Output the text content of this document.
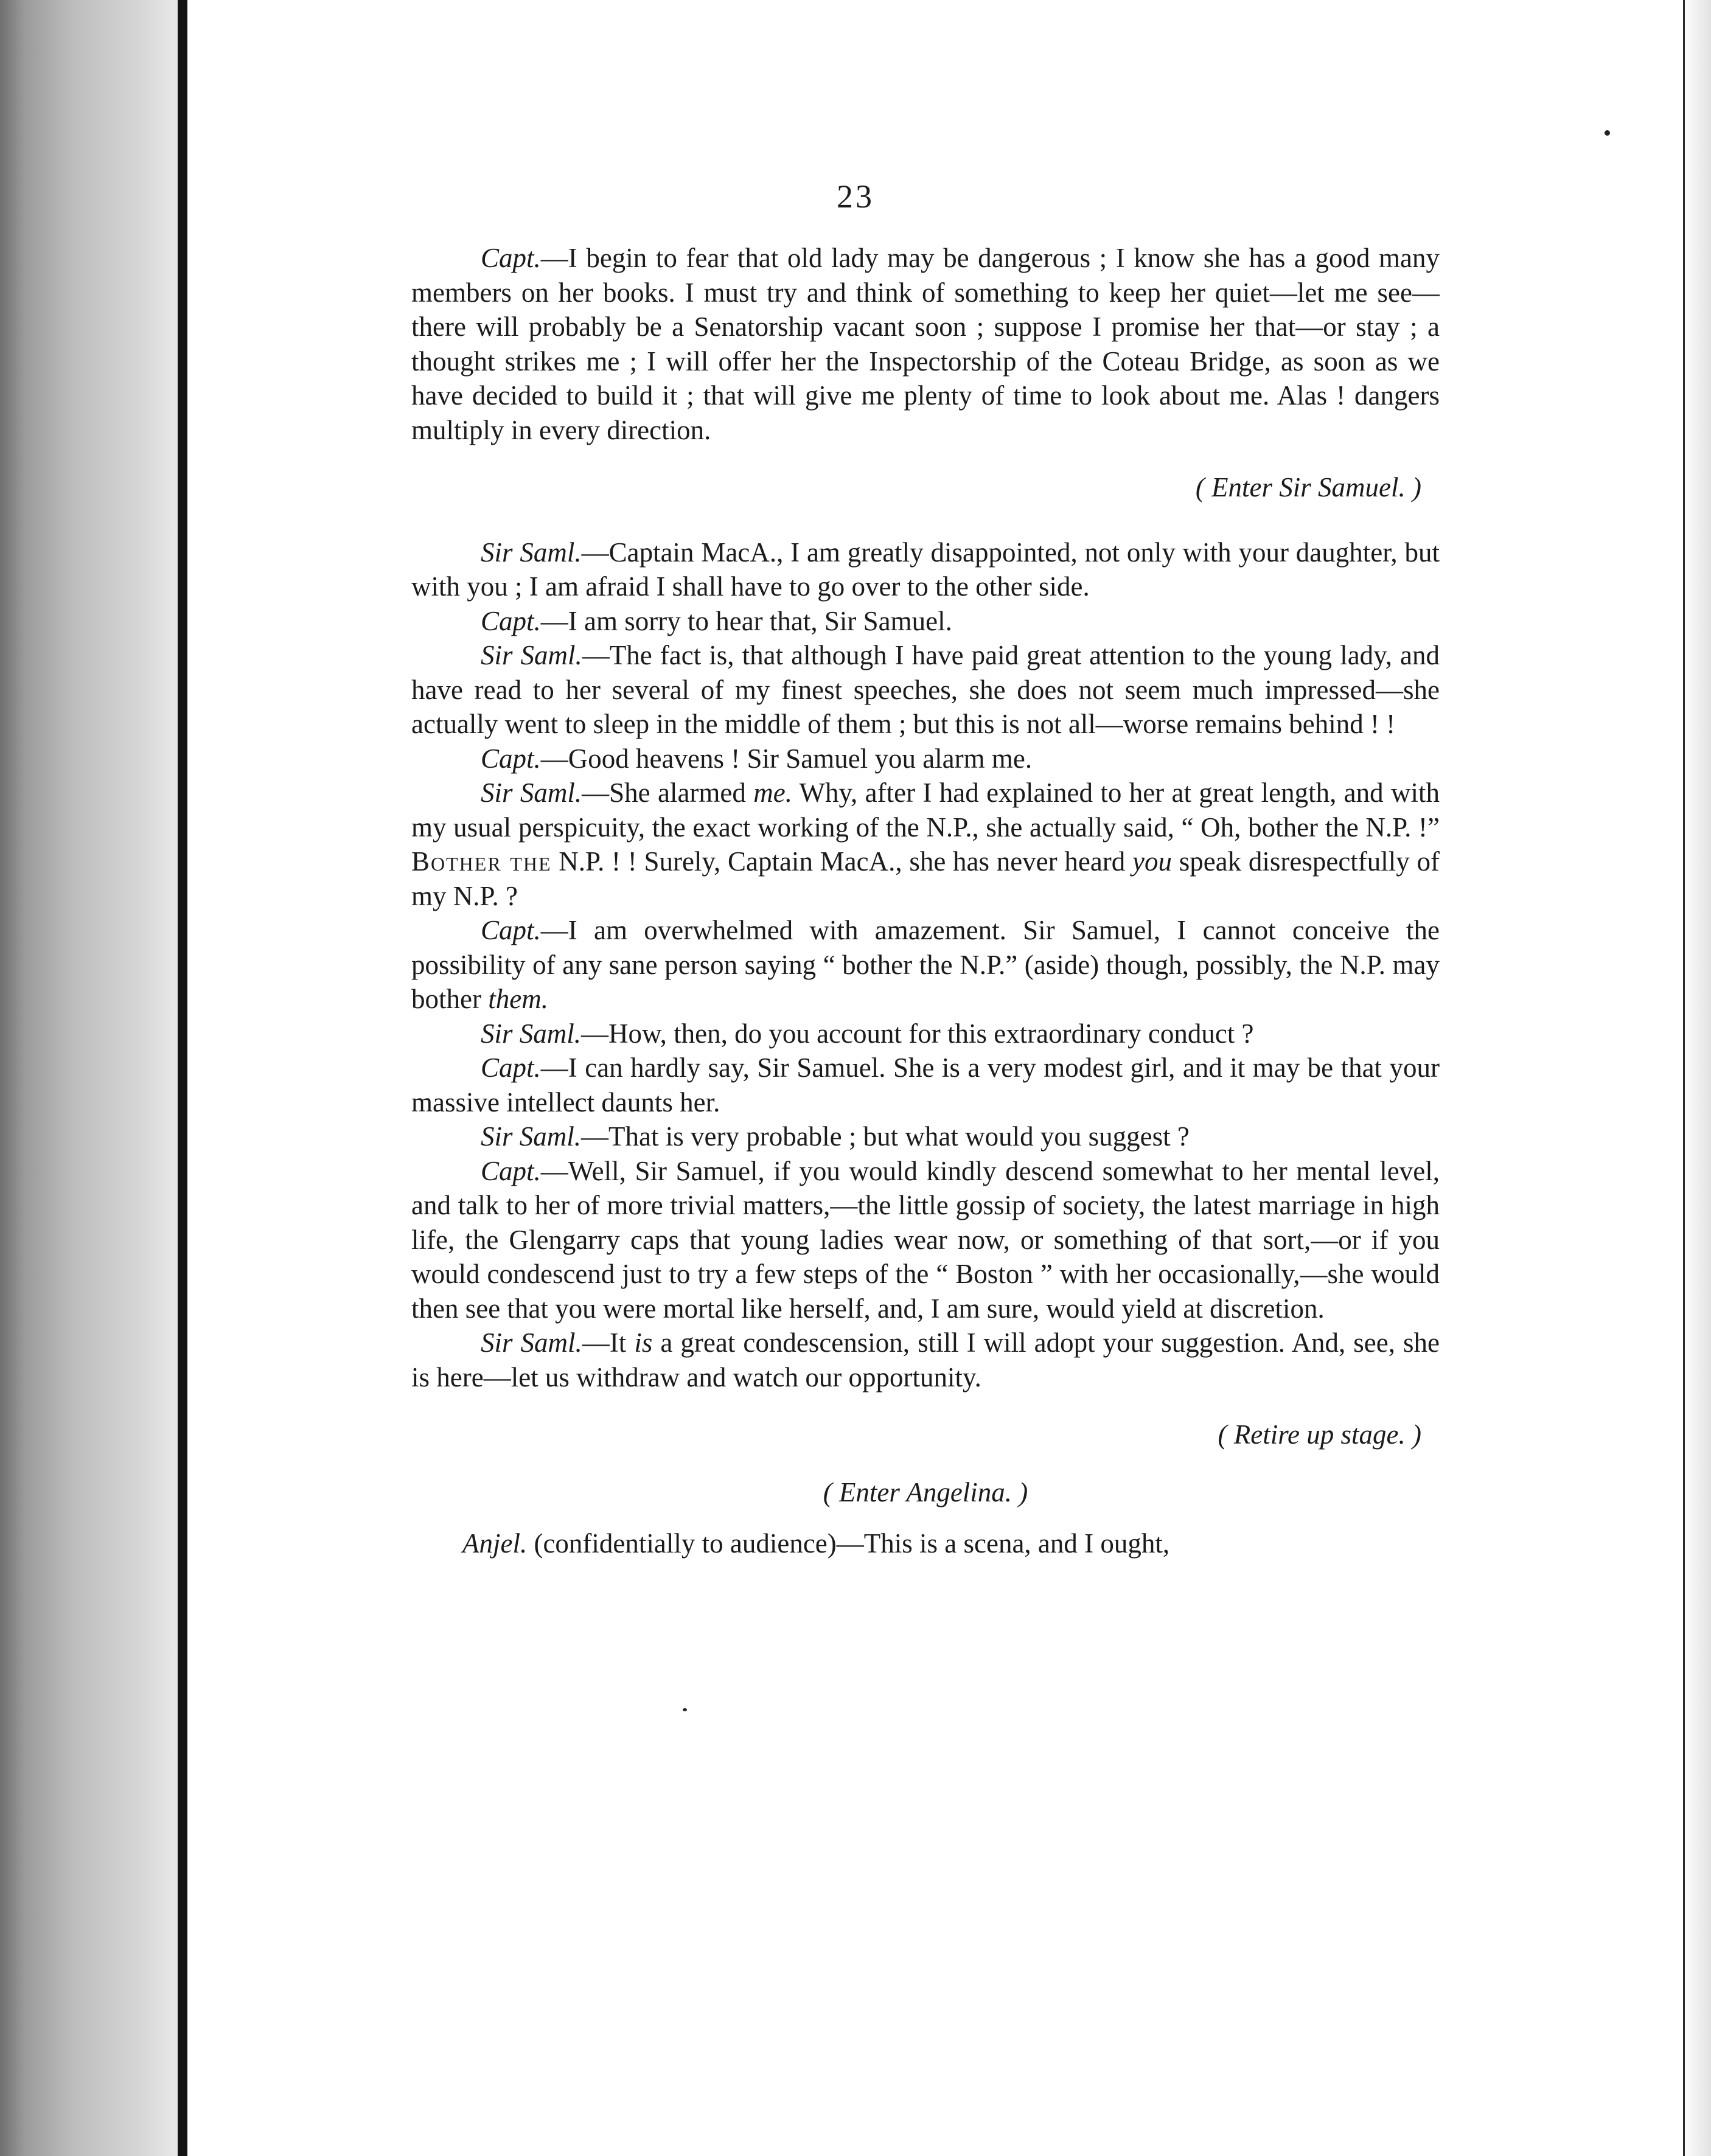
23

Capt.—I begin to fear that old lady may be dangerous ; I know she has a good many members on her books. I must try and think of something to keep her quiet—let me see—there will probably be a Senatorship vacant soon ; suppose I promise her that—or stay ; a thought strikes me ; I will offer her the Inspectorship of the Coteau Bridge, as soon as we have decided to build it ; that will give me plenty of time to look about me. Alas ! dangers multiply in every direction.

( Enter Sir Samuel. )

Sir Saml.—Captain MacA., I am greatly disappointed, not only with your daughter, but with you ; I am afraid I shall have to go over to the other side.

Capt.—I am sorry to hear that, Sir Samuel.

Sir Saml.—The fact is, that although I have paid great attention to the young lady, and have read to her several of my finest speeches, she does not seem much impressed—she actually went to sleep in the middle of them ; but this is not all—worse remains behind ! !

Capt.—Good heavens ! Sir Samuel you alarm me.

Sir Saml.—She alarmed me. Why, after I had explained to her at great length, and with my usual perspicuity, the exact working of the N.P., she actually said, “ Oh, bother the N.P. !” Bother the N.P. ! ! Surely, Captain MacA., she has never heard you speak disrespectfully of my N.P. ?

Capt.—I am overwhelmed with amazement. Sir Samuel, I cannot conceive the possibility of any sane person saying “ bother the N.P.” (aside) though, possibly, the N.P. may bother them.

Sir Saml.—How, then, do you account for this extraordinary conduct ?

Capt.—I can hardly say, Sir Samuel. She is a very modest girl, and it may be that your massive intellect daunts her.

Sir Saml.—That is very probable ; but what would you suggest ?

Capt.—Well, Sir Samuel, if you would kindly descend somewhat to her mental level, and talk to her of more trivial matters,—the little gossip of society, the latest marriage in high life, the Glengarry caps that young ladies wear now, or something of that sort,—or if you would condescend just to try a few steps of the “ Boston ” with her occasionally,—she would then see that you were mortal like herself, and, I am sure, would yield at discretion.

Sir Saml.—It is a great condescension, still I will adopt your suggestion. And, see, she is here—let us withdraw and watch our opportunity.

( Retire up stage. )

( Enter Angelina. )

Anjel. (confidentially to audience)—This is a scena, and I ought,
